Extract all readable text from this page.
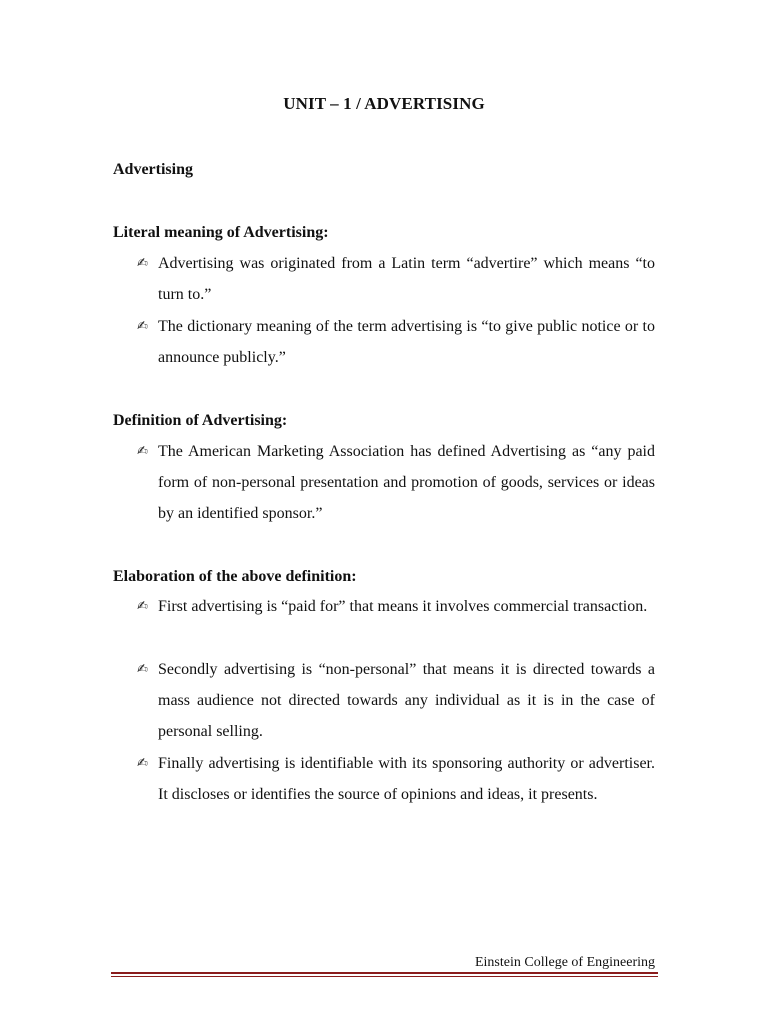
UNIT – 1 / ADVERTISING
Advertising
Literal meaning of Advertising:
✍ Advertising was originated from a Latin term “advertire” which means “to turn to.”
✍ The dictionary meaning of the term advertising is “to give public notice or to announce publicly.”
Definition of Advertising:
✍ The American Marketing Association has defined Advertising as “any paid form of non-personal presentation and promotion of goods, services or ideas by an identified sponsor.”
Elaboration of the above definition:
✍ First advertising is “paid for” that means it involves commercial transaction.
✍ Secondly advertising is “non-personal” that means it is directed towards a mass audience not directed towards any individual as it is in the case of personal selling.
✍ Finally advertising is identifiable with its sponsoring authority or advertiser. It discloses or identifies the source of opinions and ideas, it presents.
Einstein College of Engineering
